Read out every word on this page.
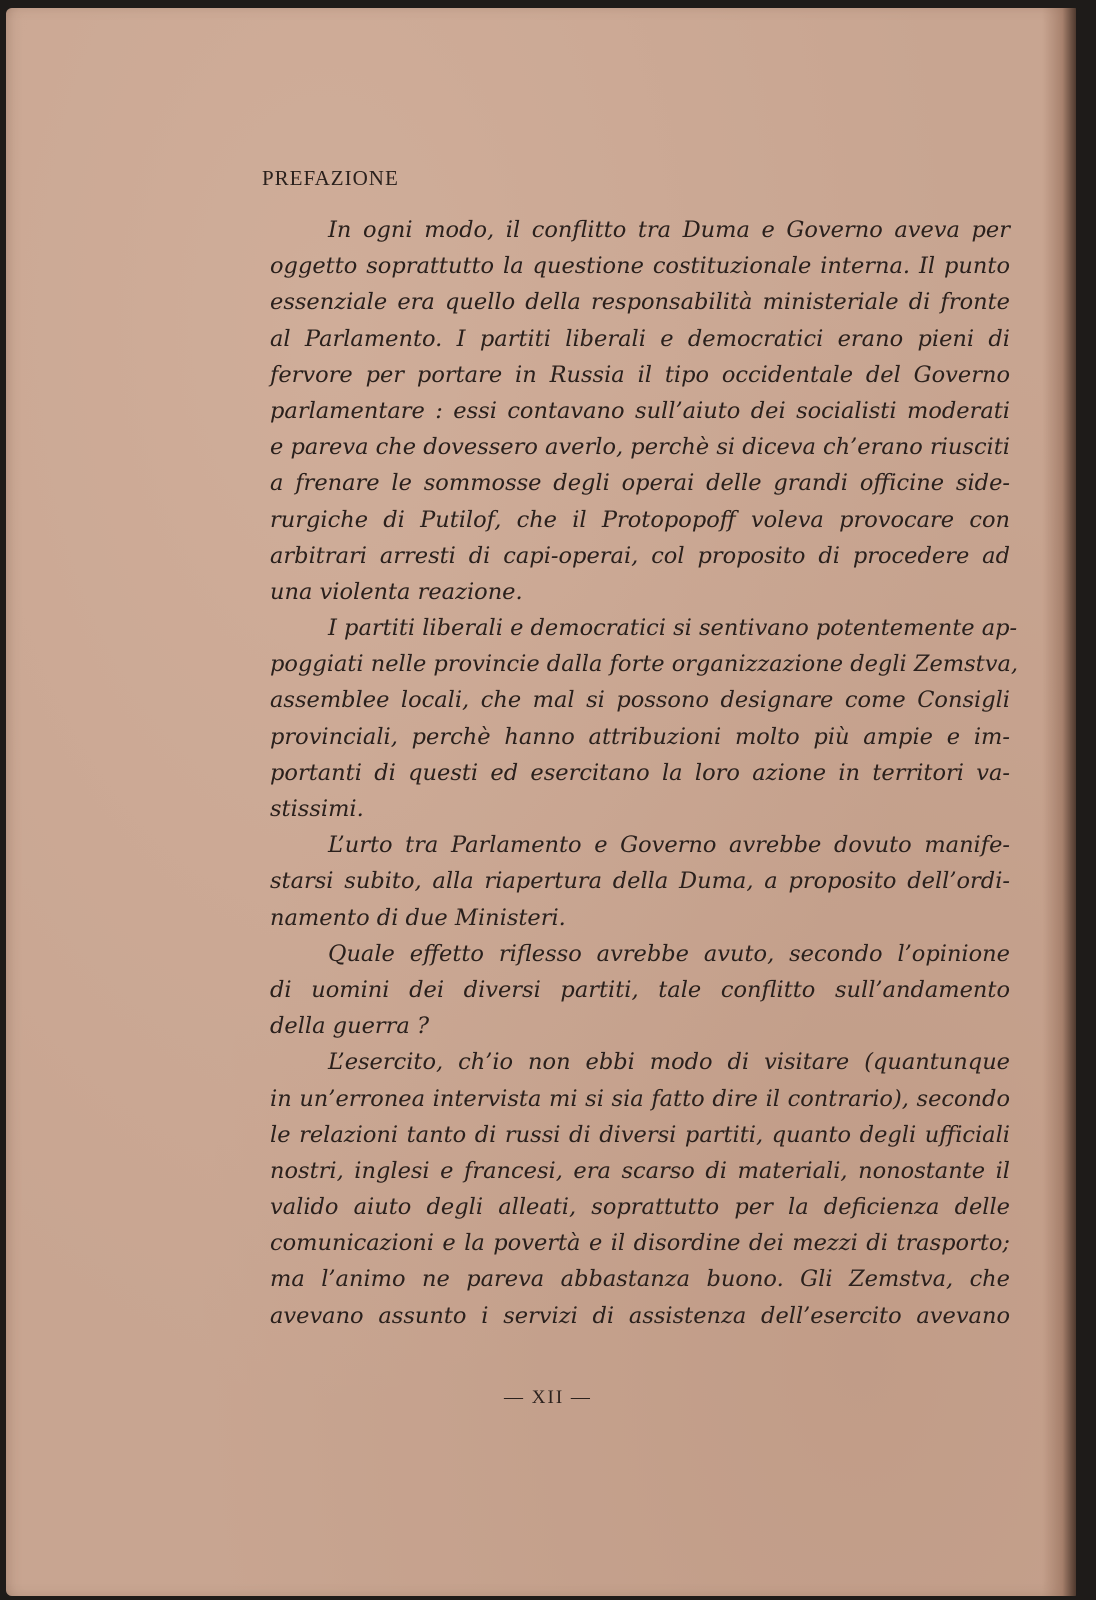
PREFAZIONE
In ogni modo, il conflitto tra Duma e Governo aveva per
oggetto soprattutto la questione costituzionale interna. Il punto
essenziale era quello della responsabilità ministeriale di fronte
al Parlamento. I partiti liberali e democratici erano pieni di
fervore per portare in Russia il tipo occidentale del Governo
parlamentare : essi contavano sull’aiuto dei socialisti moderati
e pareva che dovessero averlo, perchè si diceva ch’erano riusciti
a frenare le sommosse degli operai delle grandi officine side-
rurgiche di Putilof, che il Protopopoff voleva provocare con
arbitrari arresti di capi-operai, col proposito di procedere ad
una violenta reazione.
I partiti liberali e democratici si sentivano potentemente ap-
poggiati nelle provincie dalla forte organizzazione degli Zemstva,
assemblee locali, che mal si possono designare come Consigli
provinciali, perchè hanno attribuzioni molto più ampie e im-
portanti di questi ed esercitano la loro azione in territori va-
stissimi.
L’urto tra Parlamento e Governo avrebbe dovuto manife-
starsi subito, alla riapertura della Duma, a proposito dell’ordi-
namento di due Ministeri.
Quale effetto riflesso avrebbe avuto, secondo l’opinione
di uomini dei diversi partiti, tale conflitto sull’andamento
della guerra ?
L’esercito, ch’io non ebbi modo di visitare (quantunque
in un’erronea intervista mi si sia fatto dire il contrario), secondo
le relazioni tanto di russi di diversi partiti, quanto degli ufficiali
nostri, inglesi e francesi, era scarso di materiali, nonostante il
valido aiuto degli alleati, soprattutto per la deficienza delle
comunicazioni e la povertà e il disordine dei mezzi di trasporto;
ma l’animo ne pareva abbastanza buono. Gli Zemstva, che
avevano assunto i servizi di assistenza dell’esercito avevano
— XII —
